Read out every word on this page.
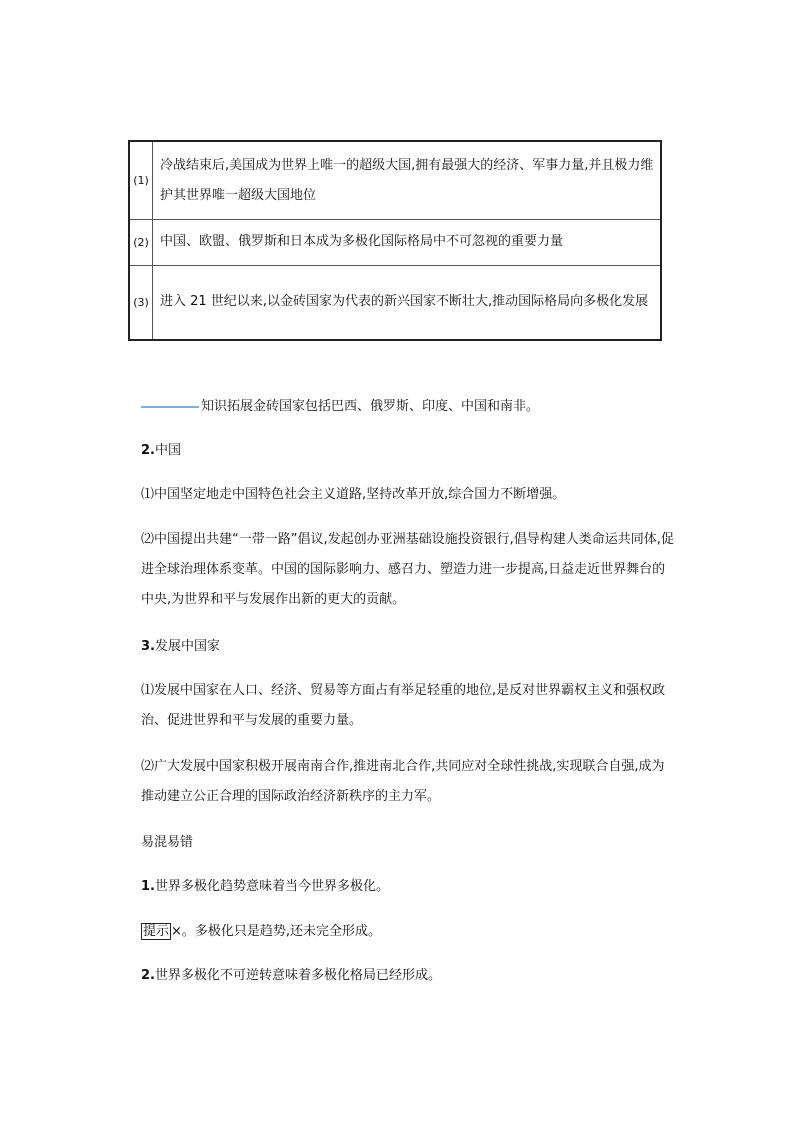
(1)
冷战结束后,美国成为世界上唯一的超级大国,拥有最强大的经济、军事力量,并且极力维护其世界唯一超级大国地位
(2) 中国、欧盟、俄罗斯和日本成为多极化国际格局中不可忽视的重要力量
(3) 进入 21 世纪以来,以金砖国家为代表的新兴国家不断壮大,推动国际格局向多极化发展
知识拓展金砖国家包括巴西、俄罗斯、印度、中国和南非。
2.中国
⑴中国坚定地走中国特色社会主义道路,坚持改革开放,综合国力不断增强。
⑵中国提出共建“一带一路”倡议,发起创办亚洲基础设施投资银行,倡导构建人类命运共同体,促进全球治理体系变革。中国的国际影响力、感召力、塑造力进一步提高,日益走近世界舞台的中央,为世界和平与发展作出新的更大的贡献。
3.发展中国家
⑴发展中国家在人口、经济、贸易等方面占有举足轻重的地位,是反对世界霸权主义和强权政治、促进世界和平与发展的重要力量。
⑵广大发展中国家积极开展南南合作,推进南北合作,共同应对全球性挑战,实现联合自强,成为推动建立公正合理的国际政治经济新秩序的主力军。
易混易错
1.世界多极化趋势意味着当今世界多极化。
提示 ×。多极化只是趋势,还未完全形成。
2.世界多极化不可逆转意味着多极化格局已经形成。
